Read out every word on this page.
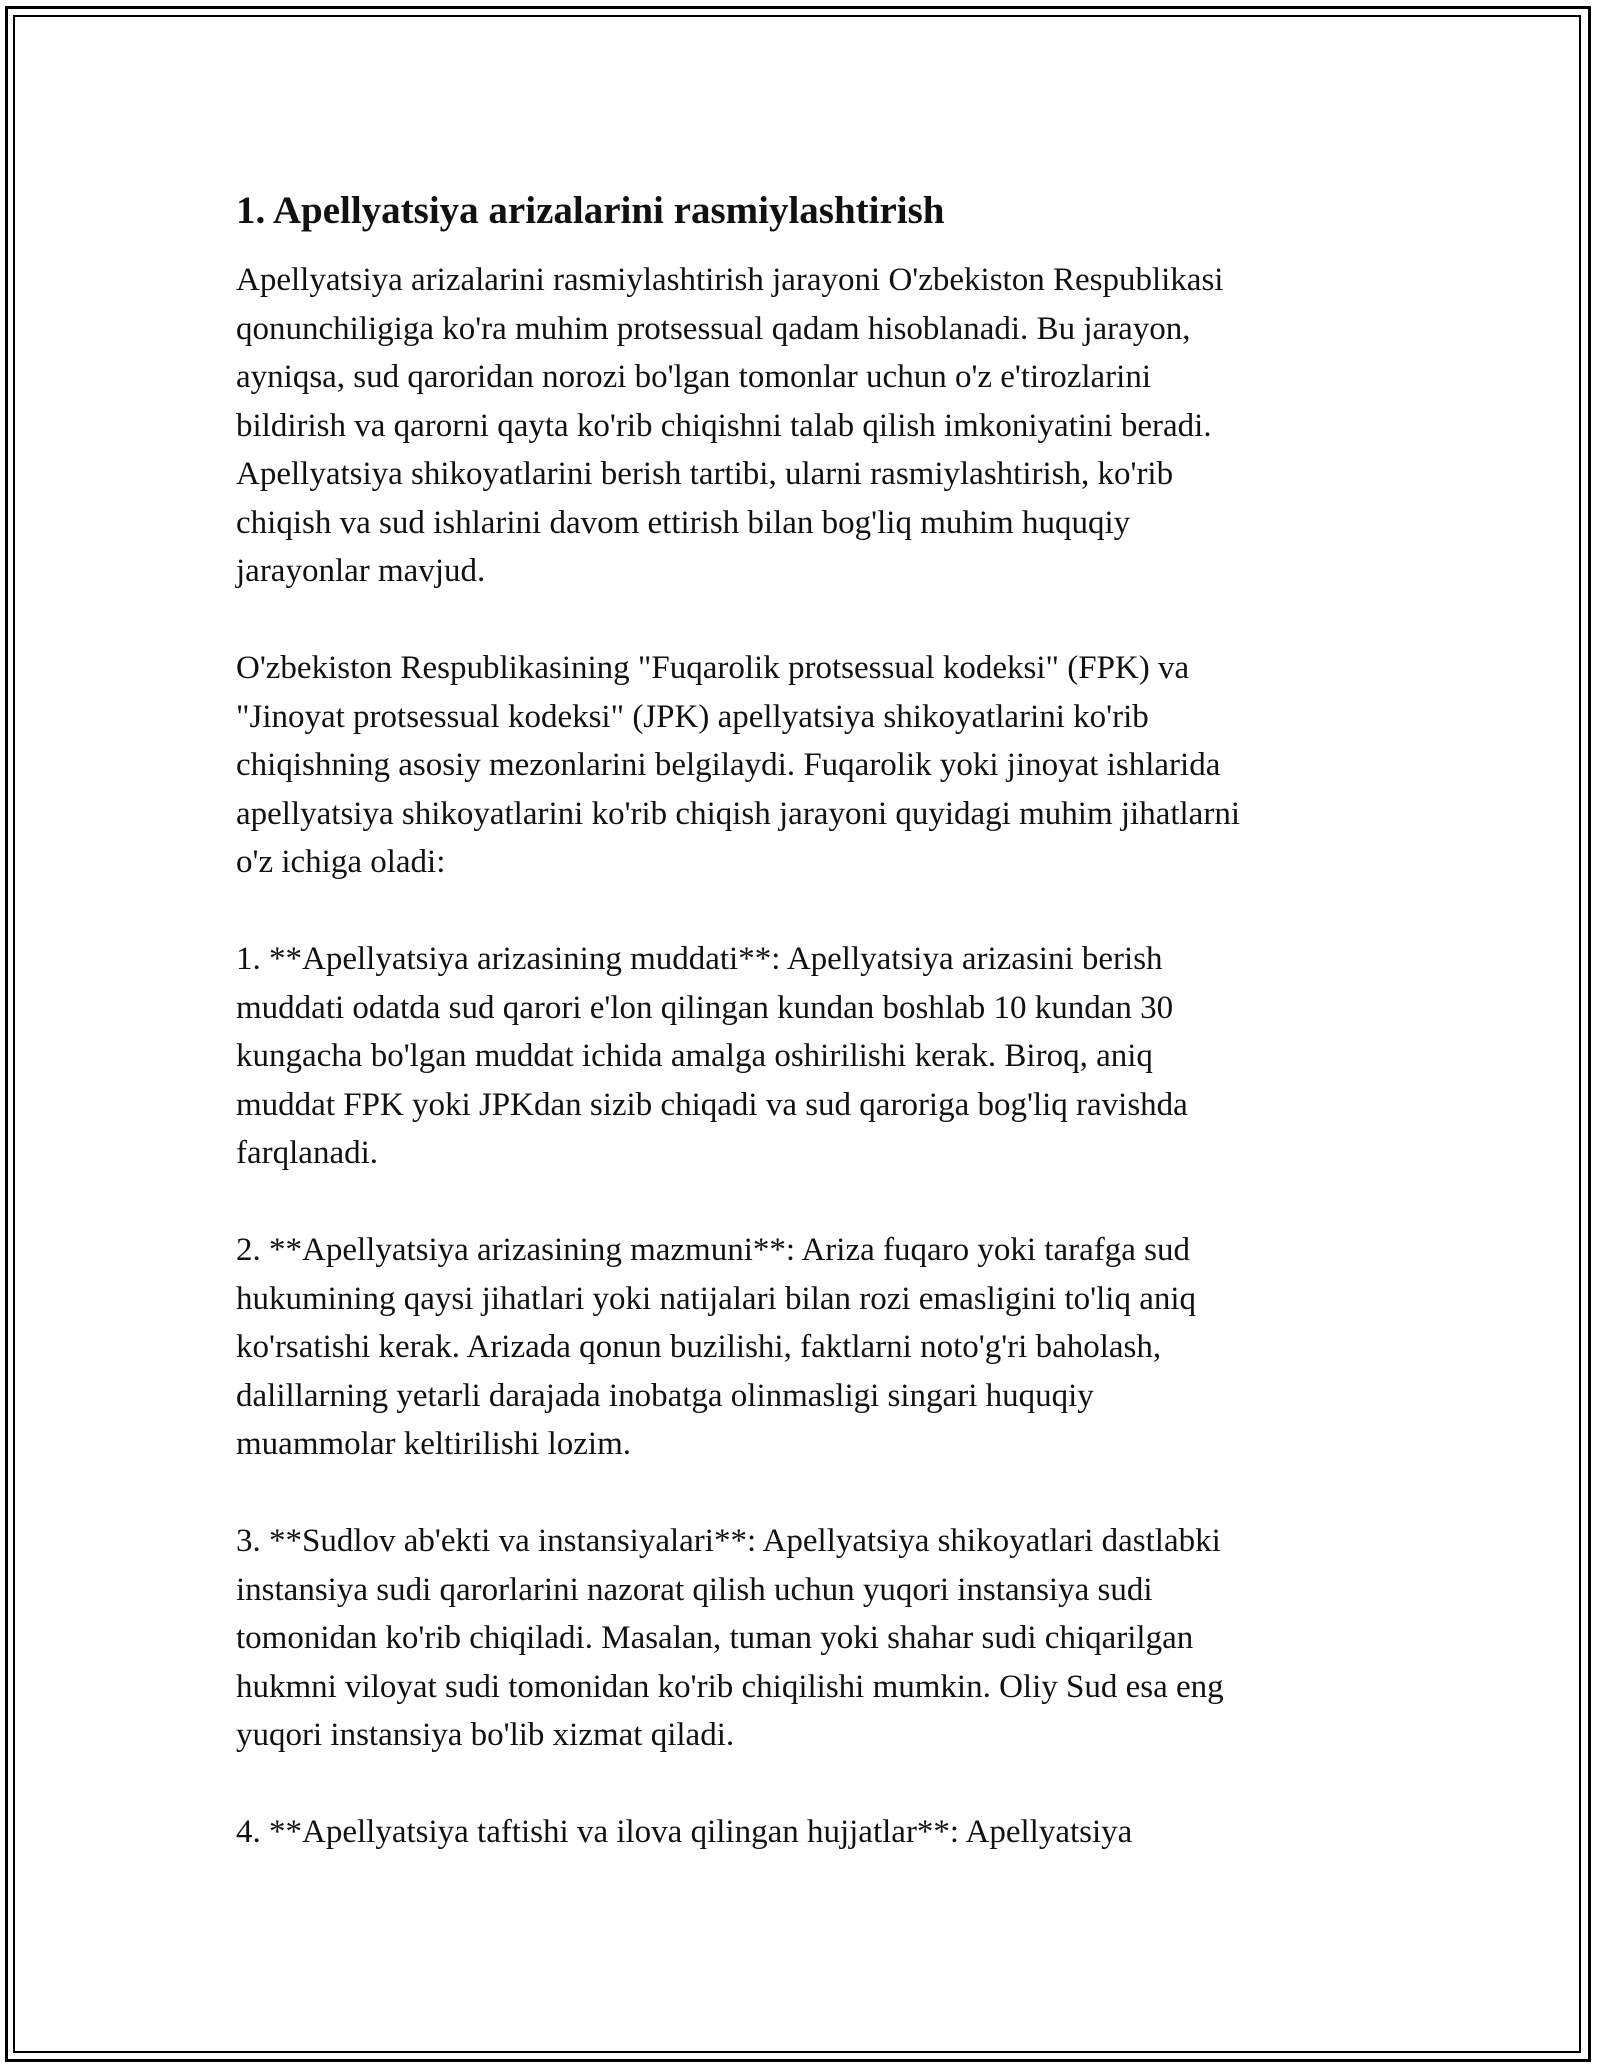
1. Apellyatsiya arizalarini rasmiylashtirish

Apellyatsiya arizalarini rasmiylashtirish jarayoni O'zbekiston Respublikasi
qonunchiligiga ko'ra muhim protsessual qadam hisoblanadi. Bu jarayon,
ayniqsa, sud qaroridan norozi bo'lgan tomonlar uchun o'z e'tirozlarini
bildirish va qarorni qayta ko'rib chiqishni talab qilish imkoniyatini beradi.
Apellyatsiya shikoyatlarini berish tartibi, ularni rasmiylashtirish, ko'rib
chiqish va sud ishlarini davom ettirish bilan bog'liq muhim huquqiy
jarayonlar mavjud.

O'zbekiston Respublikasining "Fuqarolik protsessual kodeksi" (FPK) va
"Jinoyat protsessual kodeksi" (JPK) apellyatsiya shikoyatlarini ko'rib
chiqishning asosiy mezonlarini belgilaydi. Fuqarolik yoki jinoyat ishlarida
apellyatsiya shikoyatlarini ko'rib chiqish jarayoni quyidagi muhim jihatlarni
o'z ichiga oladi:

1. **Apellyatsiya arizasining muddati**: Apellyatsiya arizasini berish
muddati odatda sud qarori e'lon qilingan kundan boshlab 10 kundan 30
kungacha bo'lgan muddat ichida amalga oshirilishi kerak. Biroq, aniq
muddat FPK yoki JPKdan sizib chiqadi va sud qaroriga bog'liq ravishda
farqlanadi.

2. **Apellyatsiya arizasining mazmuni**: Ariza fuqaro yoki tarafga sud
hukumining qaysi jihatlari yoki natijalari bilan rozi emasligini to'liq aniq
ko'rsatishi kerak. Arizada qonun buzilishi, faktlarni noto'g'ri baholash,
dalillarning yetarli darajada inobatga olinmasligi singari huquqiy
muammolar keltirilishi lozim.

3. **Sudlov ab'ekti va instansiyalari**: Apellyatsiya shikoyatlari dastlabki
instansiya sudi qarorlarini nazorat qilish uchun yuqori instansiya sudi
tomonidan ko'rib chiqiladi. Masalan, tuman yoki shahar sudi chiqarilgan
hukmni viloyat sudi tomonidan ko'rib chiqilishi mumkin. Oliy Sud esa eng
yuqori instansiya bo'lib xizmat qiladi.

4. **Apellyatsiya taftishi va ilova qilingan hujjatlar**: Apellyatsiya
